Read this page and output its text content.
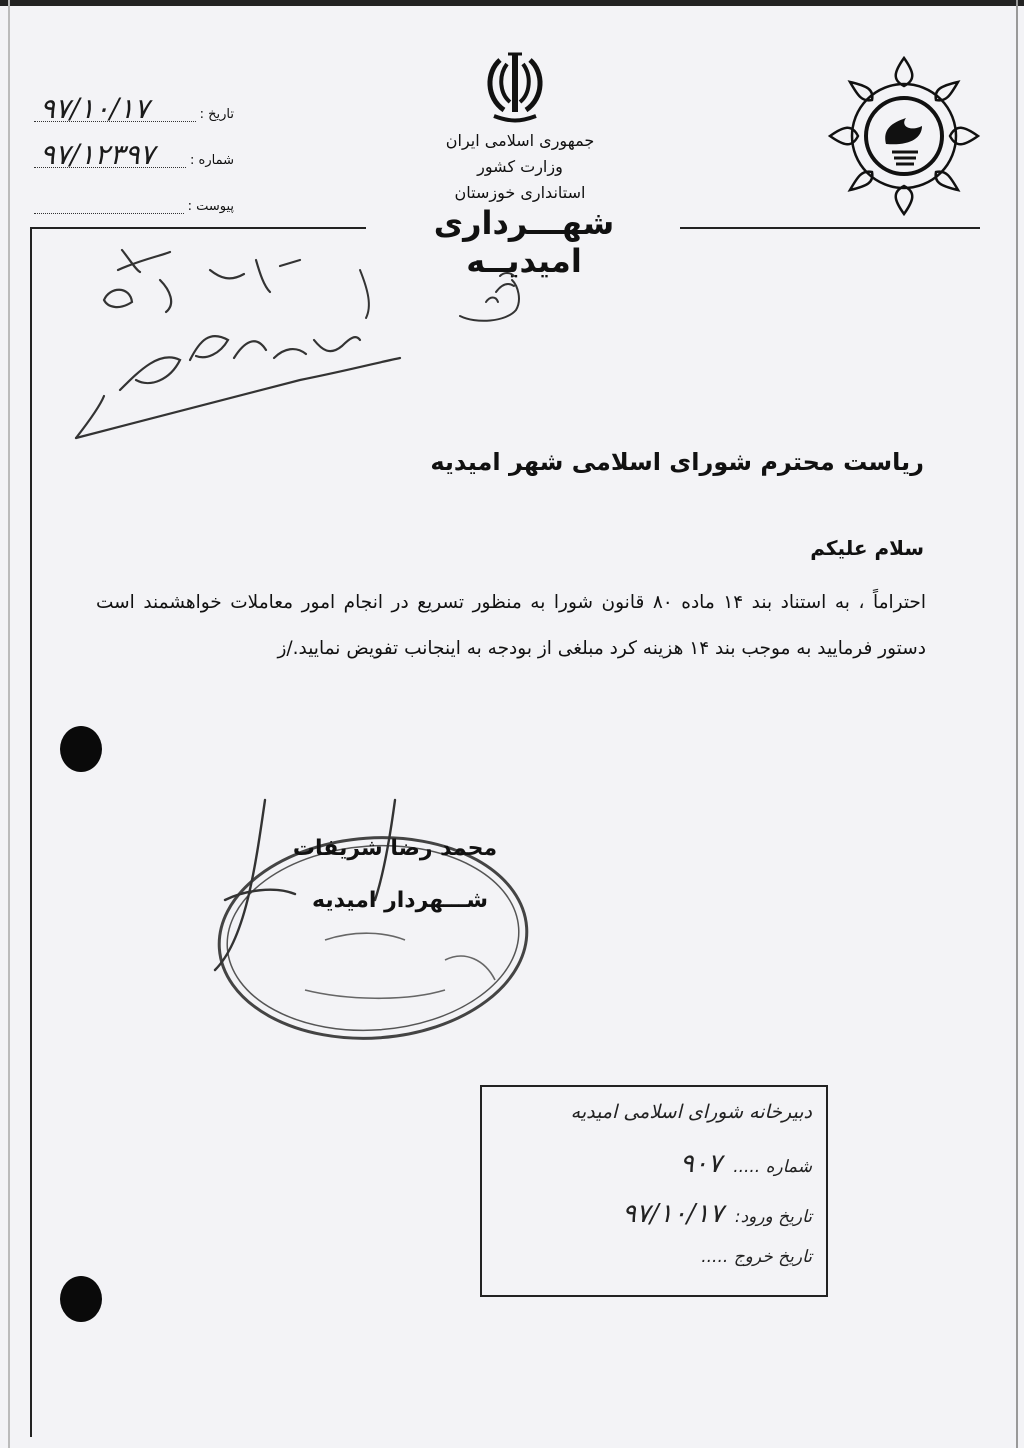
تاریخ :
۹۷/۱۰/۱۷
شماره :
۹۷/۱۲۳۹۷
پیوست :
جمهوری اسلامی ایران
وزارت کشور
استانداری خوزستان
شهـــرداری امیدیــه
ریاست محترم شورای اسلامی شهر امیدیه
سلام علیکم
احتراماً ، به استناد بند ۱۴ ماده ۸۰ قانون شورا به منظور تسریع در انجام امور معاملات خواهشمند است دستور فرمایید به موجب بند ۱۴ هزینه کرد مبلغی از بودجه به اینجانب تفویض نمایید./ز
محمد رضا شریفات
شـــهردار امیدیه
دبیرخانه شورای اسلامی امیدیه
شماره ..... ۹۰۷
تاریخ ورود: ۹۷/۱۰/۱۷
تاریخ خروج .....
